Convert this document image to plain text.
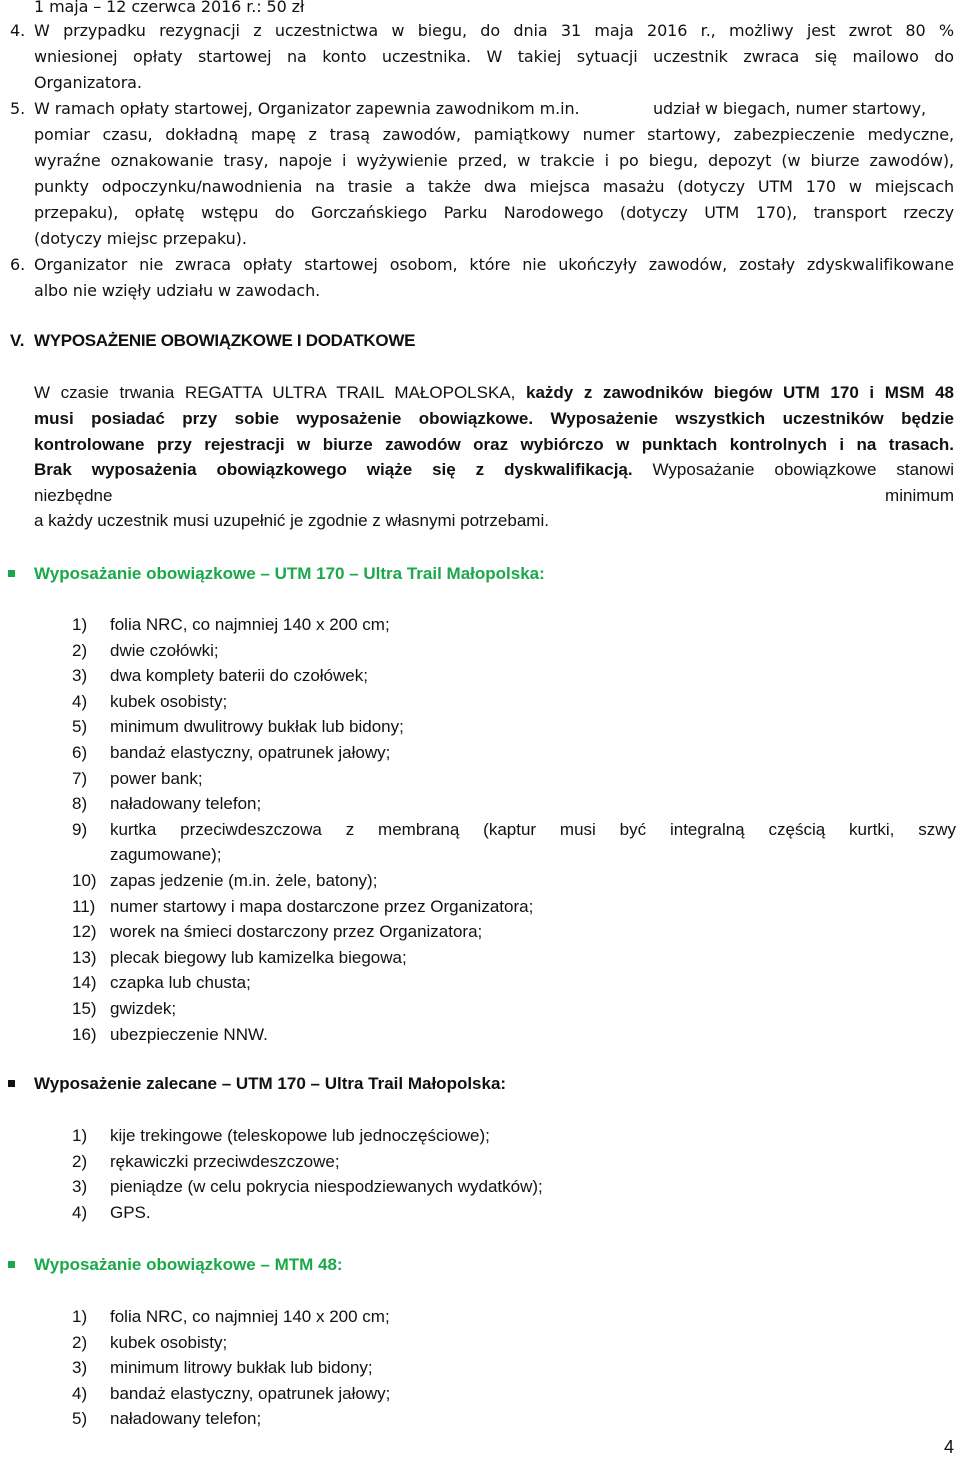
1 maja – 12 czerwca 2016 r.: 50 zł
4. W przypadku rezygnacji z uczestnictwa w biegu, do dnia 31 maja 2016 r., możliwy jest zwrot 80 %
wniesionej opłaty startowej na konto uczestnika. W takiej sytuacji uczestnik zwraca się mailowo do
Organizatora.
5. W ramach opłaty startowej, Organizator zapewnia zawodnikom m.in.	udział w biegach, numer startowy,
pomiar czasu, dokładną mapę z trasą zawodów, pamiątkowy numer startowy, zabezpieczenie medyczne,
wyraźne oznakowanie trasy, napoje i wyżywienie przed, w trakcie i po biegu, depozyt (w biurze zawodów),
punkty odpoczynku/nawodnienia na trasie a także dwa miejsca masażu (dotyczy UTM 170 w miejscach
przepaku), opłatę wstępu do Gorczańskiego Parku Narodowego (dotyczy UTM 170), transport rzeczy
(dotyczy miejsc przepaku).
6. Organizator nie zwraca opłaty startowej osobom, które nie ukończyły zawodów, zostały zdyskwalifikowane
albo nie wzięły udziału w zawodach.
V. WYPOSAŻENIE OBOWIĄZKOWE I DODATKOWE
W czasie trwania REGATTA ULTRA TRAIL MAŁOPOLSKA, każdy z zawodników biegów UTM 170 i MSM 48
musi posiadać przy sobie wyposażenie obowiązkowe. Wyposażenie wszystkich uczestników będzie
kontrolowane przy rejestracji w biurze zawodów oraz wybiórczo w punktach kontrolnych i na trasach.
Brak wyposażenia obowiązkowego wiąże się z dyskwalifikacją. Wyposażanie obowiązkowe stanowi
niezbędne	minimum
a każdy uczestnik musi uzupełnić je zgodnie z własnymi potrzebami.
Wyposażanie obowiązkowe – UTM 170 – Ultra Trail Małopolska:
1) folia NRC, co najmniej 140 x 200 cm;
2) dwie czołówki;
3) dwa komplety baterii do czołówek;
4) kubek osobisty;
5) minimum dwulitrowy bukłak lub bidony;
6) bandaż elastyczny, opatrunek jałowy;
7) power bank;
8) naładowany telefon;
9) kurtka przeciwdeszczowa z membraną (kaptur musi być integralną częścią kurtki, szwy
zagumowane);
10) zapas jedzenie (m.in. żele, batony);
11) numer startowy i mapa dostarczone przez Organizatora;
12) worek na śmieci dostarczony przez Organizatora;
13) plecak biegowy lub kamizelka biegowa;
14) czapka lub chusta;
15) gwizdek;
16) ubezpieczenie NNW.
Wyposażenie zalecane – UTM 170 – Ultra Trail Małopolska:
1) kije trekingowe (teleskopowe lub jednoczęściowe);
2) rękawiczki przeciwdeszczowe;
3) pieniądze (w celu pokrycia niespodziewanych wydatków);
4) GPS.
Wyposażanie obowiązkowe – MTM 48:
1) folia NRC, co najmniej 140 x 200 cm;
2) kubek osobisty;
3) minimum litrowy bukłak lub bidony;
4) bandaż elastyczny, opatrunek jałowy;
5) naładowany telefon;
4
